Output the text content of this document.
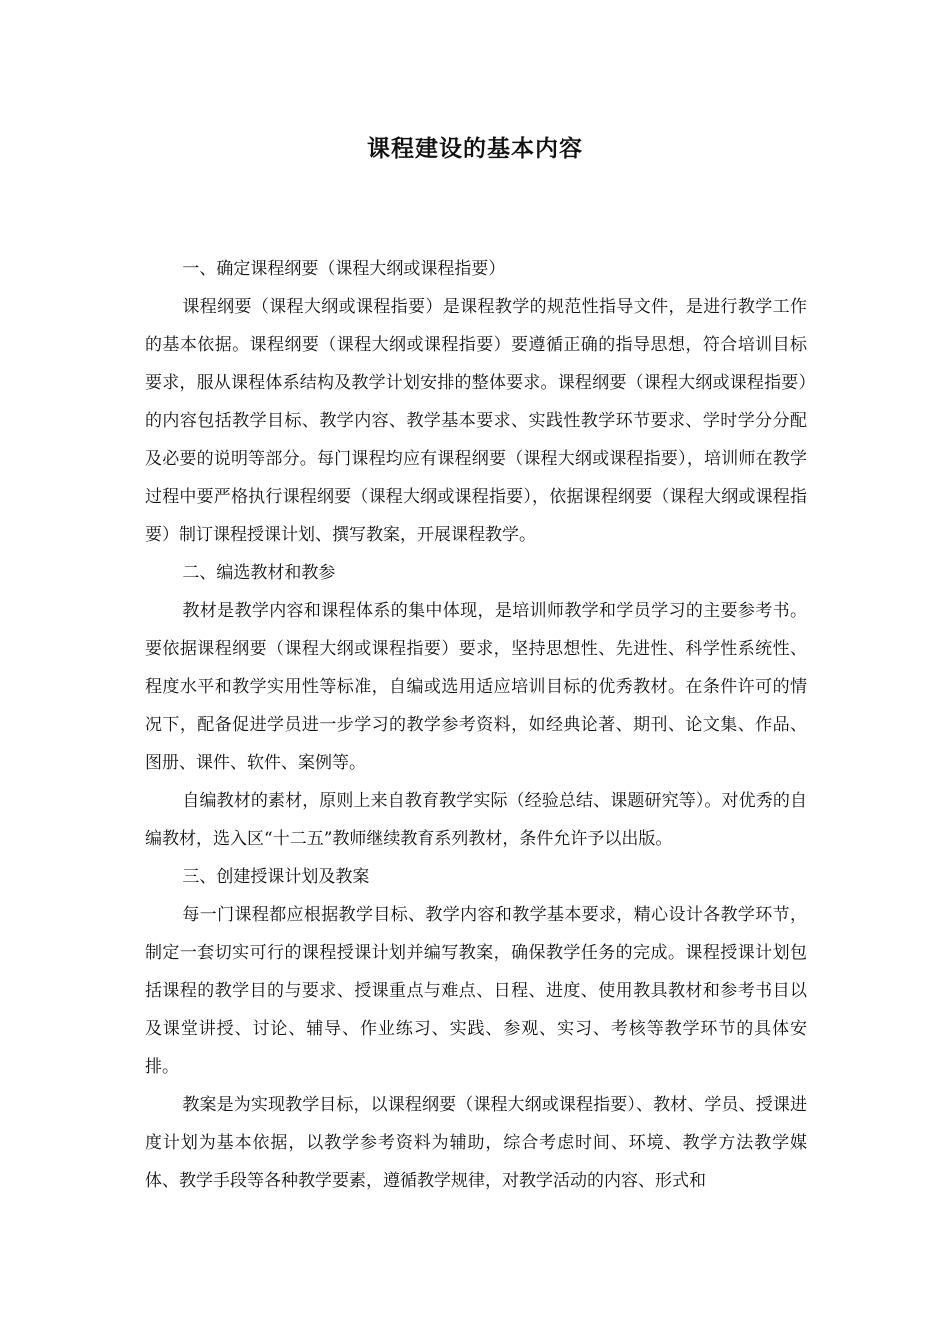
课程建设的基本内容

一、确定课程纲要（课程大纲或课程指要）

课程纲要（课程大纲或课程指要）是课程教学的规范性指导文件，是进行教学工作的基本依据。课程纲要（课程大纲或课程指要）要遵循正确的指导思想，符合培训目标要求，服从课程体系结构及教学计划安排的整体要求。课程纲要（课程大纲或课程指要）的内容包括教学目标、教学内容、教学基本要求、实践性教学环节要求、学时学分分配及必要的说明等部分。每门课程均应有课程纲要（课程大纲或课程指要），培训师在教学过程中要严格执行课程纲要（课程大纲或课程指要），依据课程纲要（课程大纲或课程指要）制订课程授课计划、撰写教案，开展课程教学。

二、编选教材和教参

教材是教学内容和课程体系的集中体现，是培训师教学和学员学习的主要参考书。要依据课程纲要（课程大纲或课程指要）要求，坚持思想性、先进性、科学性系统性、程度水平和教学实用性等标准，自编或选用适应培训目标的优秀教材。在条件许可的情况下，配备促进学员进一步学习的教学参考资料，如经典论著、期刊、论文集、作品、图册、课件、软件、案例等。

自编教材的素材，原则上来自教育教学实际（经验总结、课题研究等）。对优秀的自编教材，选入区“十二五”教师继续教育系列教材，条件允许予以出版。

三、创建授课计划及教案

每一门课程都应根据教学目标、教学内容和教学基本要求，精心设计各教学环节，制定一套切实可行的课程授课计划并编写教案，确保教学任务的完成。课程授课计划包括课程的教学目的与要求、授课重点与难点、日程、进度、使用教具教材和参考书目以及课堂讲授、讨论、辅导、作业练习、实践、参观、实习、考核等教学环节的具体安排。

教案是为实现教学目标，以课程纲要（课程大纲或课程指要）、教材、学员、授课进度计划为基本依据，以教学参考资料为辅助，综合考虑时间、环境、教学方法教学媒体、教学手段等各种教学要素，遵循教学规律，对教学活动的内容、形式和
